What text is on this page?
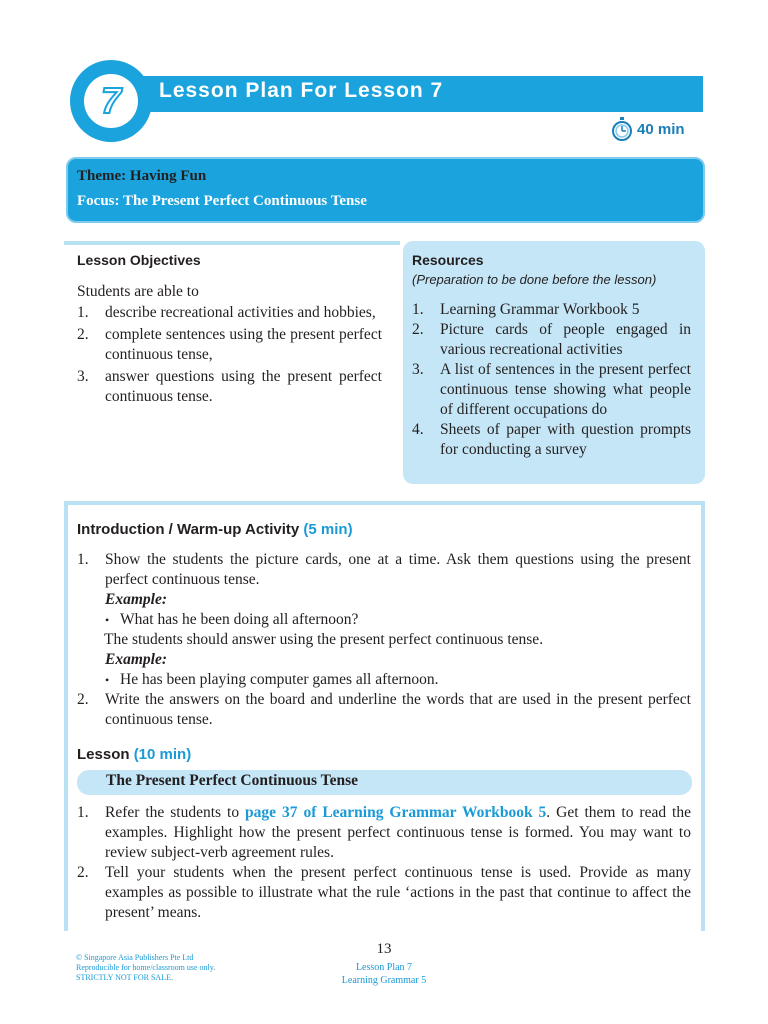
7	Lesson Plan For Lesson 7
40 min
Theme: Having Fun
Focus: The Present Perfect Continuous Tense
Lesson Objectives
Students are able to
1. describe recreational activities and hobbies,
2. complete sentences using the present perfect continuous tense,
3. answer questions using the present perfect continuous tense.
Resources
(Preparation to be done before the lesson)
1. Learning Grammar Workbook 5
2. Picture cards of people engaged in various recreational activities
3. A list of sentences in the present perfect continuous tense showing what people of different occupations do
4. Sheets of paper with question prompts for conducting a survey
Introduction / Warm-up Activity (5 min)
1. Show the students the picture cards, one at a time. Ask them questions using the present perfect continuous tense.
Example:
• What has he been doing all afternoon?
The students should answer using the present perfect continuous tense.
Example:
• He has been playing computer games all afternoon.
2. Write the answers on the board and underline the words that are used in the present perfect continuous tense.
Lesson (10 min)
The Present Perfect Continuous Tense
1. Refer the students to page 37 of Learning Grammar Workbook 5. Get them to read the examples. Highlight how the present perfect continuous tense is formed. You may want to review subject-verb agreement rules.
2. Tell your students when the present perfect continuous tense is used. Provide as many examples as possible to illustrate what the rule ‘actions in the past that continue to affect the present’ means.
© Singapore Asia Publishers Pte Ltd
Reproducible for home/classroom use only.
STRICTLY NOT FOR SALE.
13
Lesson Plan 7
Learning Grammar 5
